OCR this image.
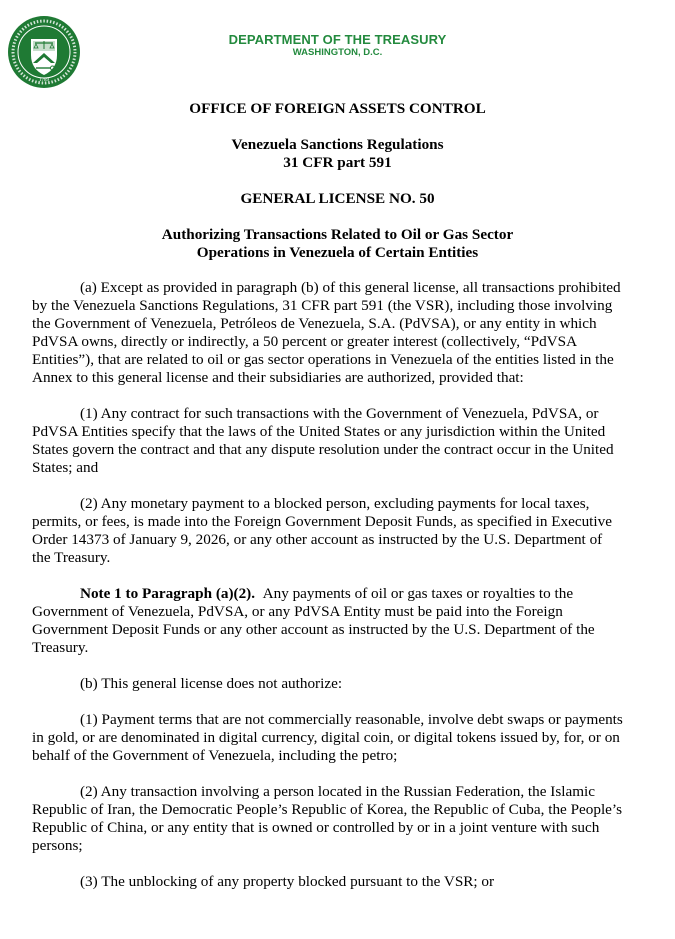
1789
DEPARTMENT OF THE TREASURY
WASHINGTON, D.C.
OFFICE OF FOREIGN ASSETS CONTROL
Venezuela Sanctions Regulations
31 CFR part 591
GENERAL LICENSE NO. 50
Authorizing Transactions Related to Oil or Gas Sector
Operations in Venezuela of Certain Entities
(a) Except as provided in paragraph (b) of this general license, all transactions prohibited
by the Venezuela Sanctions Regulations, 31 CFR part 591 (the VSR), including those involving
the Government of Venezuela, Petróleos de Venezuela, S.A. (PdVSA), or any entity in which
PdVSA owns, directly or indirectly, a 50 percent or greater interest (collectively, “PdVSA
Entities”), that are related to oil or gas sector operations in Venezuela of the entities listed in the
Annex to this general license and their subsidiaries are authorized, provided that:
(1) Any contract for such transactions with the Government of Venezuela, PdVSA, or
PdVSA Entities specify that the laws of the United States or any jurisdiction within the United
States govern the contract and that any dispute resolution under the contract occur in the United
States; and
(2) Any monetary payment to a blocked person, excluding payments for local taxes,
permits, or fees, is made into the Foreign Government Deposit Funds, as specified in Executive
Order 14373 of January 9, 2026, or any other account as instructed by the U.S. Department of
the Treasury.
Note 1 to Paragraph (a)(2). Any payments of oil or gas taxes or royalties to the
Government of Venezuela, PdVSA, or any PdVSA Entity must be paid into the Foreign
Government Deposit Funds or any other account as instructed by the U.S. Department of the
Treasury.
(b) This general license does not authorize:
(1) Payment terms that are not commercially reasonable, involve debt swaps or payments
in gold, or are denominated in digital currency, digital coin, or digital tokens issued by, for, or on
behalf of the Government of Venezuela, including the petro;
(2) Any transaction involving a person located in the Russian Federation, the Islamic
Republic of Iran, the Democratic People’s Republic of Korea, the Republic of Cuba, the People’s
Republic of China, or any entity that is owned or controlled by or in a joint venture with such
persons;
(3) The unblocking of any property blocked pursuant to the VSR; or
